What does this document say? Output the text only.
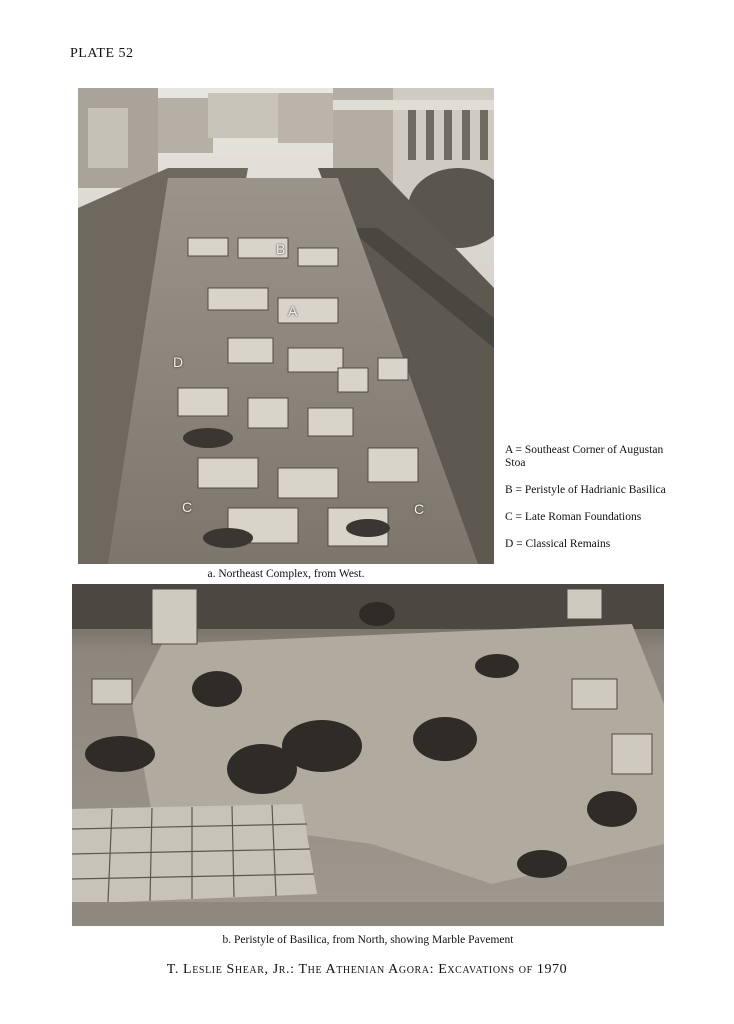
PLATE 52
B
A
D
C	C
A = Southeast Corner of Augustan Stoa
B = Peristyle of Hadrianic Basilica
C = Late Roman Foundations
D = Classical Remains
a. Northeast Complex, from West.
b. Peristyle of Basilica, from North, showing Marble Pavement
T. Leslie Shear, Jr.: The Athenian Agora: Excavations of 1970
